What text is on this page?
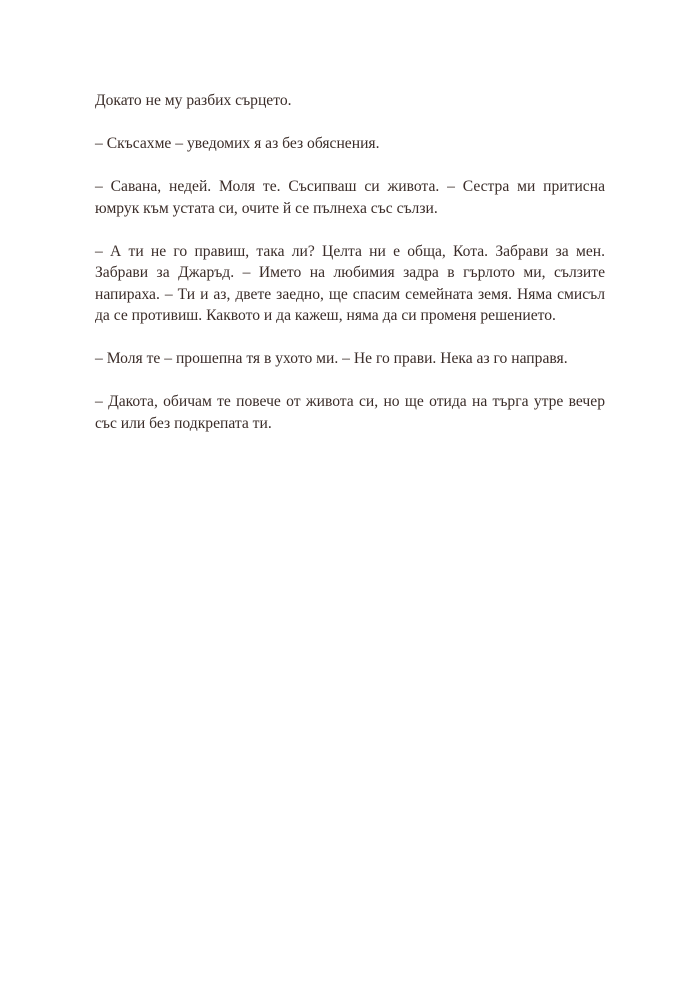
Докато не му разбих сърцето.

– Скъсахме – уведомих я аз без обяснения.

– Савана, недей. Моля те. Съсипваш си живота. – Сестра ми притисна юмрук към устата си, очите й се пълнеха със сълзи.

– А ти не го правиш, така ли? Целта ни е обща, Кота. Забрави за мен. Забрави за Джаръд. – Името на любимия задра в гърлото ми, сълзите напираха. – Ти и аз, двете заедно, ще спасим семейната земя. Няма смисъл да се противиш. Каквото и да кажеш, няма да си променя решението.

– Моля те – прошепна тя в ухото ми. – Не го прави. Нека аз го направя.

– Дакота, обичам те повече от живота си, но ще отида на търга утре вечер със или без подкрепата ти.
